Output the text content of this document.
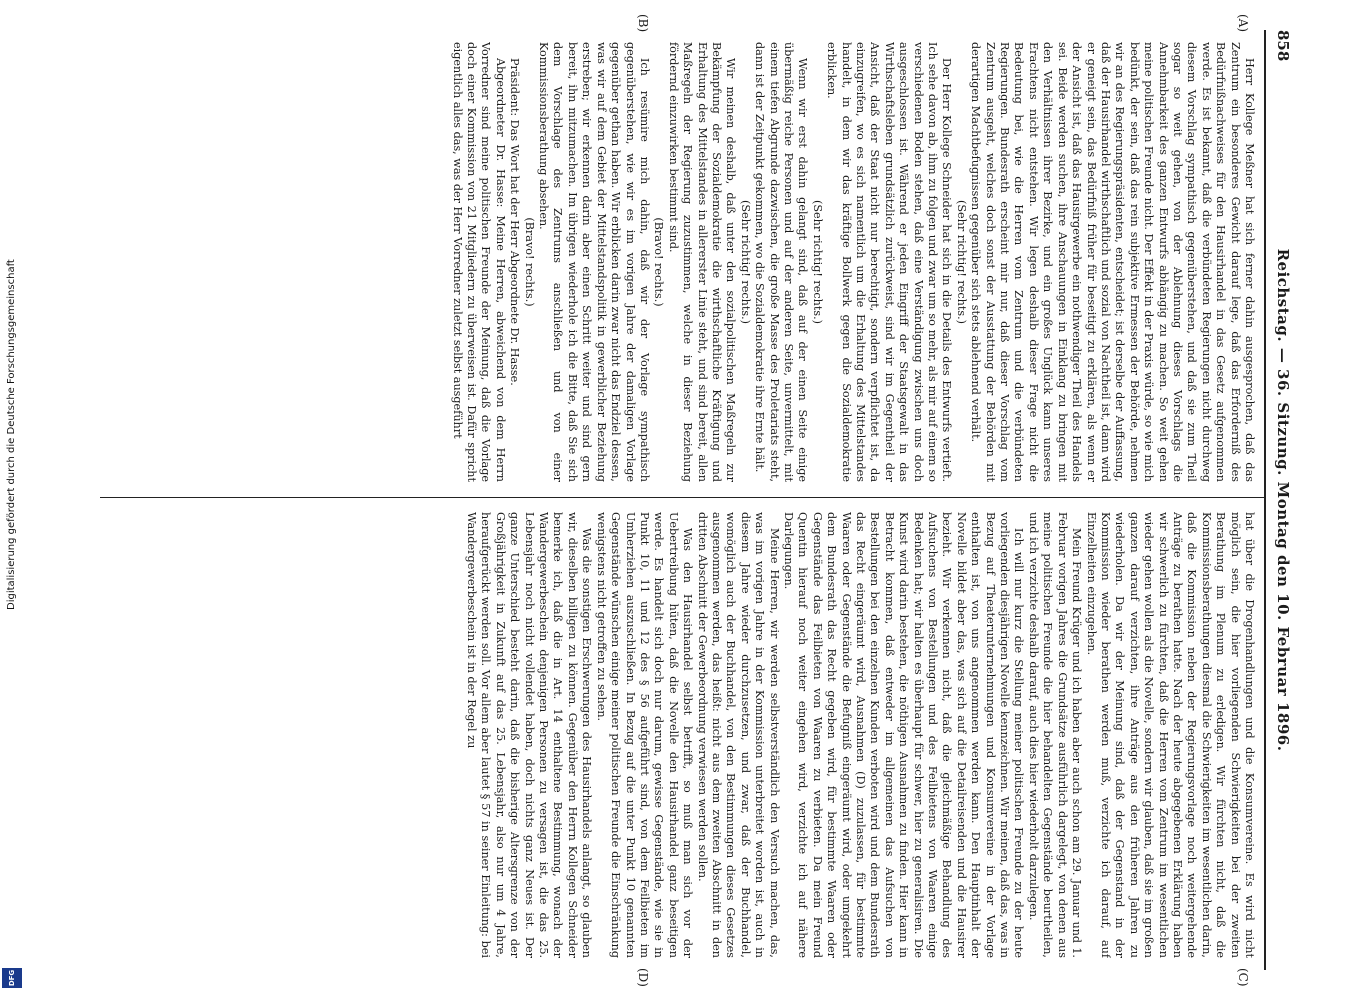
858
Reichstag. — 36. Sitzung. Montag den 10. Februar 1896.
(A)
(B)
(C)
(D)

Herr Kollege Meßner hat sich ferner dahin ausgesprochen, daß das Zentrum ein besonderes Gewicht darauf lege, daß das Erforderniß des Bedürfnißnachweises für den Hausirhandel in das Gesetz aufgenommen werde. Es ist bekannt, daß die verbündeten Regierungen nicht durchweg diesem Vorschlag sympathisch gegenüberstehen, und daß sie zum Theil sogar so weit gehen, von der Ablehnung dieses Vorschlags die Annehmbarkeit des ganzen Entwurfs abhängig zu machen. So weit gehen meine politischen Freunde nicht. Der Effekt in der Praxis würde, so wie mich bedünkt, der sein, daß das rein subjektive Ermessen der Behörde, nehmen wir an des Regierungspräsidenten, entscheidet; ist derselbe der Auffassung, daß der Hausirhandel wirthschaftlich und sozial von Nachtheil ist, dann wird er geneigt sein, das Bedürfniß früher für beseitigt zu erklären, als wenn er der Ansicht ist, daß das Hausirgewerbe ein nothwendiger Theil des Handels sei. Beide werden suchen, ihre Anschauungen in Einklang zu bringen mit den Verhältnissen ihrer Bezirke, und ein großes Unglück kann unseres Erachtens nicht entstehen. Wir legen deshalb dieser Frage nicht die Bedeutung bei, wie die Herren vom Zentrum und die verbündeten Regierungen. Bundesrath erscheint mir nur, daß dieser Vorschlag vom Zentrum ausgeht, welches doch sonst der Ausstattung der Behörden mit derartigen Machtbefugnissen gegenüber sich stets ablehnend verhält.

(Sehr richtig! rechts.)

Der Herr Kollege Schneider hat sich in die Details des Entwurfs vertieft. Ich sehe davon ab, ihm zu folgen und zwar um so mehr, als mir auf einem so verschiedenen Boden stehen, daß eine Verständigung zwischen uns doch ausgeschlossen ist. Während er jeden Eingriff der Staatsgewalt in das Wirthschaftsleben grundsätzlich zurückweist, sind wir im Gegentheil der Ansicht, daß der Staat nicht nur berechtigt, sondern verpflichtet ist, da einzugreifen, wo es sich namentlich um die Erhaltung des Mittelstandes handelt, in dem wir das kräftige Bollwerk gegen die Sozialdemokratie erblicken.

(Sehr richtig! rechts.)

Wenn wir erst dahin gelangt sind, daß auf der einen Seite einige übermäßig reiche Personen und auf der anderen Seite, unvermittelt, mit einem tiefen Abgrunde dazwischen, die große Masse des Proletariats steht, dann ist der Zeitpunkt gekommen, wo die Sozialdemokratie ihre Ernte hält.

(Sehr richtig! rechts.)

Wir meinen deshalb, daß unter den sozialpolitischen Maßregeln zur Bekämpfung der Sozialdemokratie die wirthschaftliche Kräftigung und Erhaltung des Mittelstandes in allererster Linie steht, und sind bereit, allen Maßregeln der Regierung zuzustimmen, welche in dieser Beziehung fördernd einzuwirken bestimmt sind.

(Bravo! rechts.)

Ich resümire mich dahin, daß wir der Vorlage sympathisch gegenüberstehen, wie wir es im vorigen Jahre der damaligen Vorlage gegenüber gethan haben. Wir erblicken darin zwar nicht das Endziel dessen, was wir auf dem Gebiet der Mittelstandspolitik in gewerblicher Beziehung erstreben; wir erkennen darin aber einen Schritt weiter und sind gern bereit, ihn mitzumachen. Im übrigen wiederhole ich die Bitte, daß Sie sich dem Vorschlage des Zentrums anschließen und von einer Kommissionsberathung absehen.

(Bravo! rechts.)

Präsident: Das Wort hat der Herr Abgeordnete Dr. Hasse.

Abgeordneter Dr. Hasse: Meine Herren, abweichend von dem Herrn Vorredner sind meine politischen Freunde der Meinung, daß die Vorlage doch einer Kommission von 21 Mitgliedern zu überweisen ist. Dafür spricht eigentlich alles das, was der Herr Vorredner zuletzt selbst ausgeführt

hat über die Drogenhandlungen und die Konsumvereine. Es wird nicht möglich sein, die hier vorliegenden Schwierigkeiten bei der zweiten Berathung im Plenum zu erledigen. Wir fürchten nicht, daß die Kommissionsberathungen diesmal die Schwierigkeiten im wesentlichen darin, daß die Kommission neben der Regierungsvorlage noch weitergehende Anträge zu berathen hatte. Nach der heute abgegebenen Erklärung haben wir schwerlich zu fürchten, daß die Herren vom Zentrum im wesentlichen wieder gehen wollen als die Novelle, sondern wir glauben, daß sie im großen ganzen darauf verzichten, ihre Anträge aus den früheren Jahren zu wiederholen. Da wir der Meinung sind, daß der Gegenstand in der Kommission wieder berathen werden muß, verzichte ich darauf, auf Einzelheiten einzugehen.

Mein Freund Krüger und ich haben aber auch schon am 29. Januar und 1. Februar vorigen Jahres die Grundsätze ausführlich dargelegt, von denen aus meine politischen Freunde die hier behandelten Gegenstände beurtheilen, und ich verzichte deshalb darauf, auch dies hier wiederholt darzulegen.

Ich will nur kurz die Stellung meiner politischen Freunde zu der heute vorliegenden diesjährigen Novelle kennzeichnen. Wir meinen, daß das, was in Bezug auf Theaterunternehmungen und Konsumvereine in der Vorlage enthalten ist, von uns angenommen werden kann. Den Hauptinhalt der Novelle bildet aber das, was sich auf die Detailreisenden und die Hausirer bezieht. Wir verkennen nicht, daß die gleichmäßige Behandlung des Aufsuchens von Bestellungen und des Feilbietens von Waaren einige Bedenken hat; wir halten es überhaupt für schwer, hier zu generalisiren. Die Kunst wird darin bestehen, die nöthigen Ausnahmen zu finden. Hier kann in Betracht kommen, daß entweder im allgemeinen das Aufsuchen von Bestellungen bei den einzelnen Kunden verboten wird und dem Bundesrath das Recht eingeräumt wird, Ausnahmen (D) zuzulassen, für bestimmte Waaren oder Gegenstände die Befugniß eingeräumt wird, oder umgekehrt dem Bundesrath das Recht gegeben wird, für bestimmte Waaren oder Gegenstände das Feilbieten von Waaren zu verbieten. Da mein Freund Quentin hierauf noch weiter eingehen wird, verzichte ich auf nähere Darlegungen.

Meine Herren, wir werden selbstverständlich den Versuch machen, das, was im vorigen Jahre in der Kommission unterbreitet worden ist, auch in diesem Jahre wieder durchzusetzen, und zwar, daß der Buchhandel, womöglich auch der Buchhandel, von den Bestimmungen dieses Gesetzes ausgenommen werden, das heißt: nicht aus dem zweiten Abschnitt in den dritten Abschnitt der Gewerbeordnung verwiesen werden sollen.

Was den Hausirhandel selbst betrifft, so muß man sich vor der Uebertreibung hüten, daß die Novelle den Hausirhandel ganz beseitigen werde. Es handelt sich doch nur darum, gewisse Gegenstände, wie sie in Punkt 10, 11 und 12 des § 56 aufgeführt sind, von dem Feilbieten im Umherziehen auszuschließen. In Bezug auf die unter Punkt 10 genannten Gegenstände wünschen einige meiner politischen Freunde die Einschränkung wenigstens nicht getroffen zu sehen.

Was die sonstigen Erschwerungen des Hausirhandels anlangt, so glauben wir, dieselben billigen zu können. Gegenüber den Herrn Kollegen Schneider bemerke ich, daß die in Art. 14 enthaltene Bestimmung, wonach der Wandergewerbeschein denjenigen Personen zu versagen ist, die das 25. Lebensjahr noch nicht vollendet haben, doch nichts ganz Neues ist. Der ganze Unterschied besteht darin, daß die bisherige Altersgrenze von der Großjährigkeit in Zukunft auf das 25. Lebensjahr, also nur um 4 Jahre, heraufgerückt werden soll. Vor allem aber lautet § 57 in seiner Einleitung: bei Wandergewerbeschein ist in der Regel zu

Digitalisierung gefördert durch die Deutsche Forschungsgemeinschaft
DFG
